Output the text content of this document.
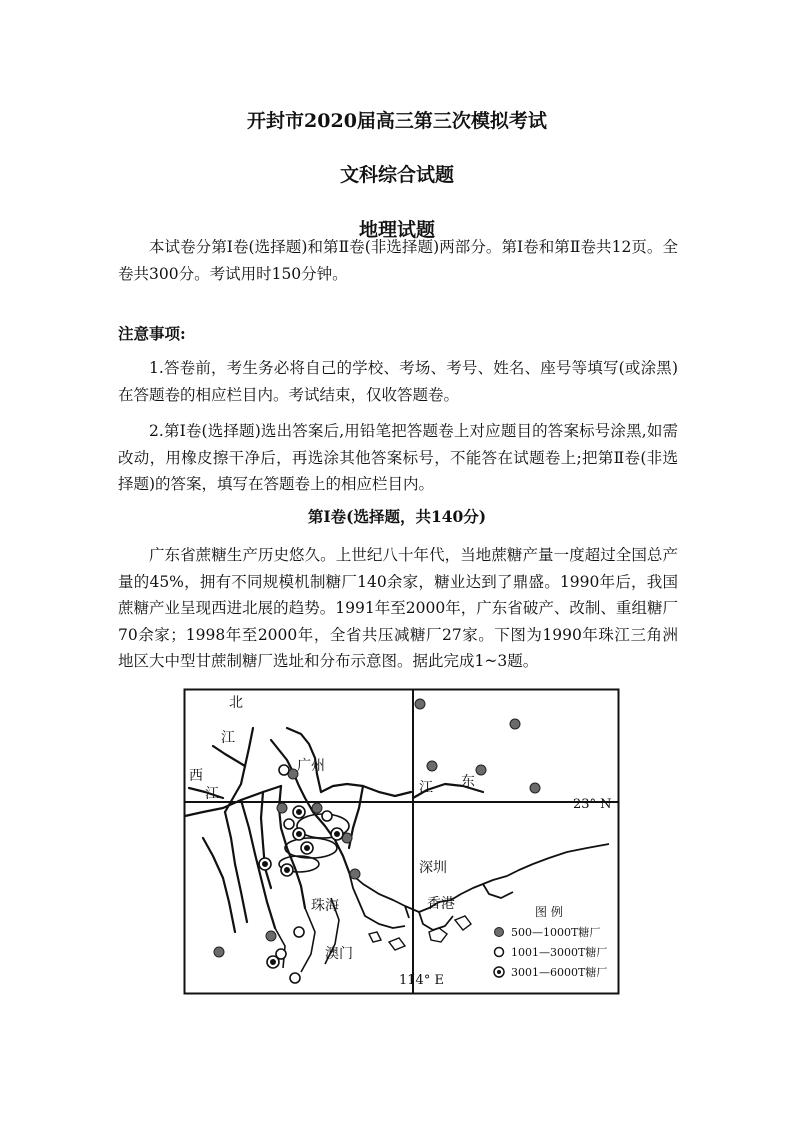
开封市2020届高三第三次模拟考试
文科综合试题
地理试题

本试卷分第Ⅰ卷(选择题)和第Ⅱ卷(非选择题)两部分。第Ⅰ卷和第Ⅱ卷共12页。全卷共300分。考试用时150分钟。

注意事项:

1.答卷前，考生务必将自己的学校、考场、考号、姓名、座号等填写(或涂黑)在答题卷的相应栏目内。考试结束，仅收答题卷。

2.第Ⅰ卷(选择题)选出答案后,用铅笔把答题卷上对应题目的答案标号涂黑,如需改动，用橡皮擦干净后，再选涂其他答案标号，不能答在试题卷上;把第Ⅱ卷(非选择题)的答案，填写在答题卷上的相应栏目内。

第Ⅰ卷(选择题，共140分)

广东省蔗糖生产历史悠久。上世纪八十年代，当地蔗糖产量一度超过全国总产量的45%，拥有不同规模机制糖厂140余家，糖业达到了鼎盛。1990年后，我国蔗糖产业呈现西进北展的趋势。1991年至2000年，广东省破产、改制、重组糖厂70余家；1998年至2000年，全省共压减糖厂27家。下图为1990年珠江三角洲地区大中型甘蔗制糖厂选址和分布示意图。据此完成1~3题。

北
江
西
江
广州
江 东
23° N
深圳
香港
珠海
澳门
114° E
图 例
500—1000T糖厂
1001—3000T糖厂
3001—6000T糖厂
